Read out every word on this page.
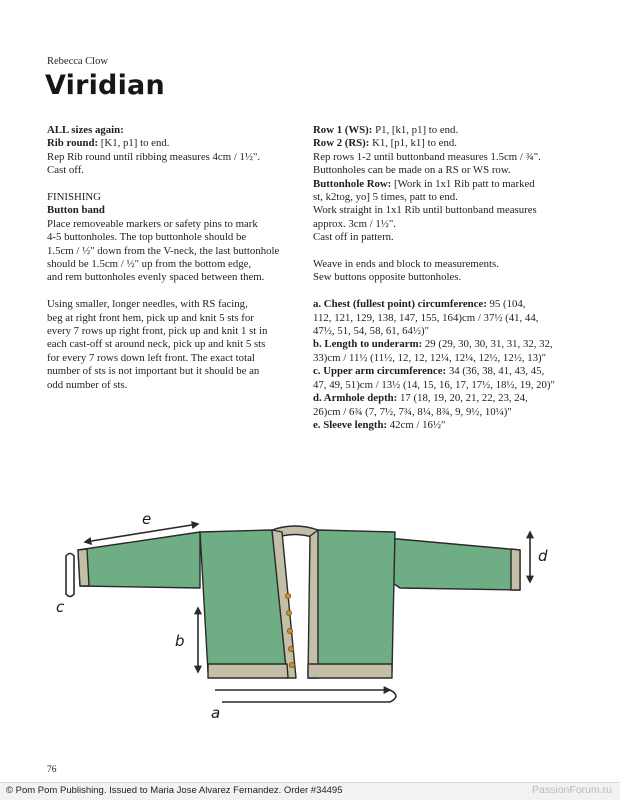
Rebecca Clow
Viridian

ALL sizes again:

Rib round: [K1, p1] to end.

Rep Rib round until ribbing measures 4cm / 1½".

Cast off.

FINISHING

Button band

Place removeable markers or safety pins to mark

4-5 buttonholes. The top buttonhole should be

1.5cm / ½" down from the V-neck, the last buttonhole

should be 1.5cm / ½" up from the bottom edge,

and rem buttonholes evenly spaced between them.

Using smaller, longer needles, with RS facing,

beg at right front hem, pick up and knit 5 sts for

every 7 rows up right front, pick up and knit 1 st in

each cast-off st around neck, pick up and knit 5 sts

for every 7 rows down left front. The exact total

number of sts is not important but it should be an

odd number of sts.

Row 1 (WS): P1, [k1, p1] to end.

Row 2 (RS): K1, [p1, k1] to end.

Rep rows 1-2 until buttonband measures 1.5cm / ¾".

Buttonholes can be made on a RS or WS row.

Buttonhole Row: [Work in 1x1 Rib patt to marked

st, k2tog, yo] 5 times, patt to end.

Work straight in 1x1 Rib until buttonband measures

approx. 3cm / 1½".

Cast off in pattern.

Weave in ends and block to measurements.

Sew buttons opposite buttonholes.

a. Chest (fullest point) circumference: 95 (104,

112, 121, 129, 138, 147, 155, 164)cm / 37½ (41, 44,

47½, 51, 54, 58, 61, 64½)"

b. Length to underarm: 29 (29, 30, 30, 31, 31, 32, 32,

33)cm / 11½ (11½, 12, 12, 12¼, 12¼, 12½, 12½, 13)"

c. Upper arm circumference: 34 (36, 38, 41, 43, 45,

47, 49, 51)cm / 13½ (14, 15, 16, 17, 17½, 18½, 19, 20)"

d. Armhole depth: 17 (18, 19, 20, 21, 22, 23, 24,

26)cm / 6¾ (7, 7½, 7¾, 8¼, 8¾, 9, 9½, 10¼)"

e. Sleeve length: 42cm / 16½"

e
b
d
a
c
76
© Pom Pom Publishing. Issued to Maria Jose Alvarez Fernandez. Order #34495	PassionForum.ru
